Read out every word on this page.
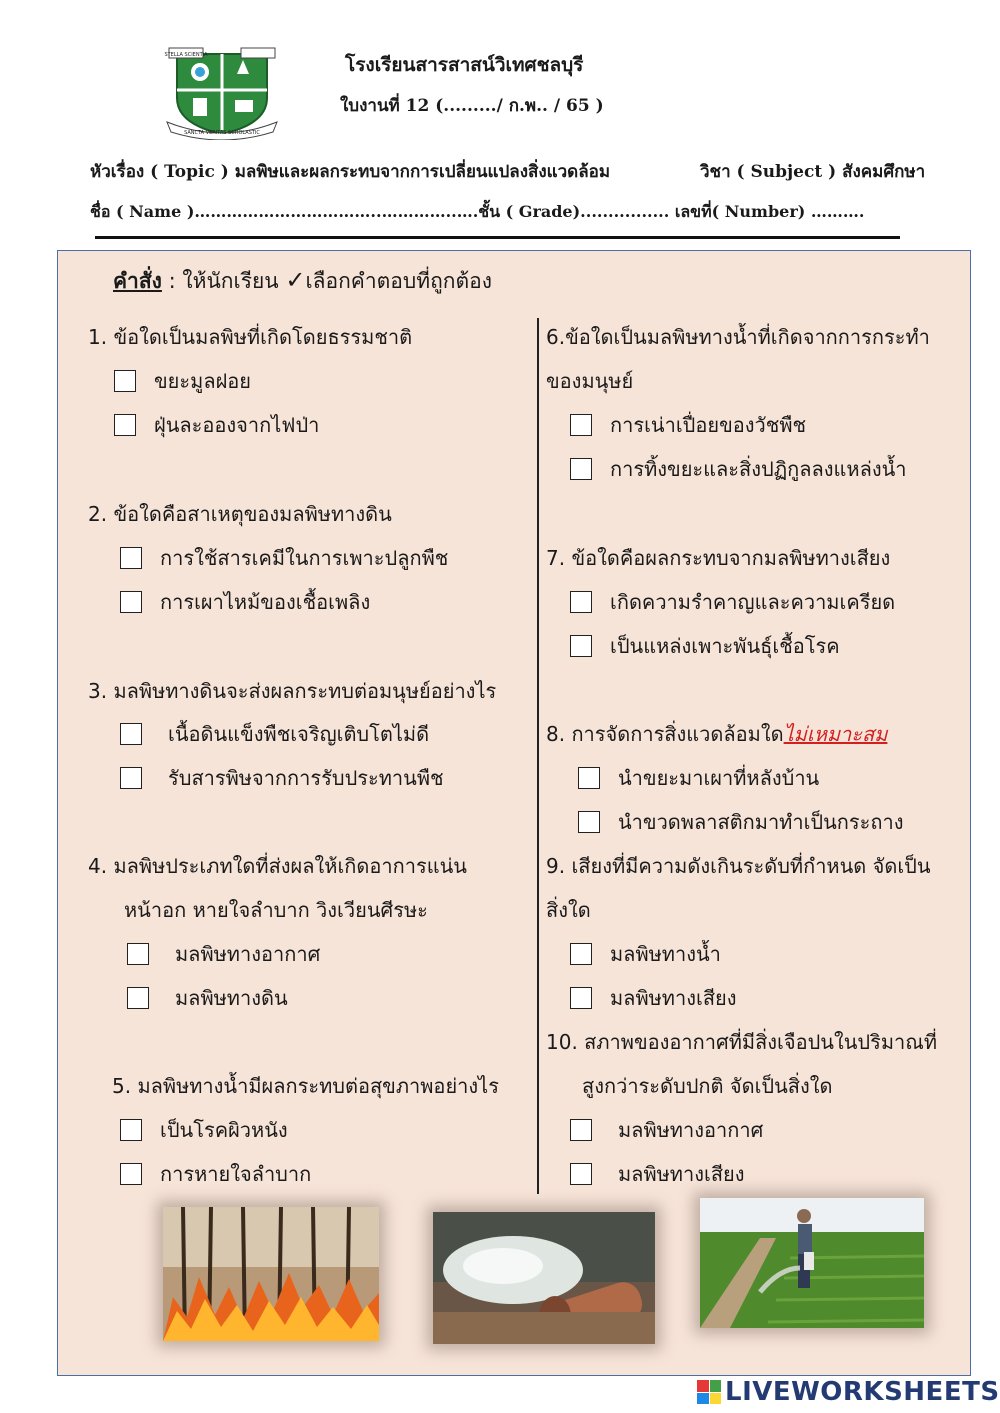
STELLA SCIENTIA
SANCTA VERITAS SCHOLASTIC
โรงเรียนสารสาสน์วิเทศชลบุรี
ใบงานที่ 12 (........./ ก.พ.. / 65 )
หัวเรื่อง ( Topic ) มลพิษและผลกระทบจากการเปลี่ยนแปลงสิ่งแวดล้อม	วิชา ( Subject ) สังคมศึกษา
ชื่อ ( Name )……………………………..…………..….ชั้น ( Grade)................ เลขที่( Number) ……….
คำสั่ง : ให้นักเรียน ✓เลือกคำตอบที่ถูกต้อง
1. ข้อใดเป็นมลพิษที่เกิดโดยธรรมชาติ
ขยะมูลฝอย
ฝุ่นละอองจากไฟป่า
2. ข้อใดคือสาเหตุของมลพิษทางดิน
การใช้สารเคมีในการเพาะปลูกพืช
การเผาไหม้ของเชื้อเพลิง
3. มลพิษทางดินจะส่งผลกระทบต่อมนุษย์อย่างไร
เนื้อดินแข็งพืชเจริญเติบโตไม่ดี
รับสารพิษจากการรับประทานพืช
4. มลพิษประเภทใดที่ส่งผลให้เกิดอาการแน่น
หน้าอก หายใจลำบาก วิงเวียนศีรษะ
มลพิษทางอากาศ
มลพิษทางดิน
5. มลพิษทางน้ำมีผลกระทบต่อสุขภาพอย่างไร
เป็นโรคผิวหนัง
การหายใจลำบาก
6.ข้อใดเป็นมลพิษทางน้ำที่เกิดจากการกระทำ
ของมนุษย์
การเน่าเปื่อยของวัชพืช
การทิ้งขยะและสิ่งปฏิกูลลงแหล่งน้ำ
7. ข้อใดคือผลกระทบจากมลพิษทางเสียง
เกิดความรำคาญและความเครียด
เป็นแหล่งเพาะพันธุ์เชื้อโรค
8. การจัดการสิ่งแวดล้อมใดไม่เหมาะสม
นำขยะมาเผาที่หลังบ้าน
นำขวดพลาสติกมาทำเป็นกระถาง
9. เสียงที่มีความดังเกินระดับที่กำหนด จัดเป็น
สิ่งใด
มลพิษทางน้ำ
มลพิษทางเสียง
10. สภาพของอากาศที่มีสิ่งเจือปนในปริมาณที่
สูงกว่าระดับปกติ จัดเป็นสิ่งใด
มลพิษทางอากาศ
มลพิษทางเสียง
LIVEWORKSHEETS
